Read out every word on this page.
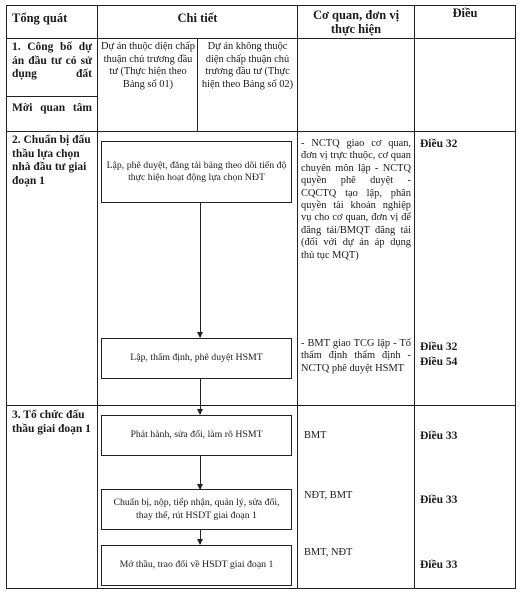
Tổng quát	Chi tiết	Cơ quan, đơn vị thực hiện
Điều
1. Công bố dự án đầu tư có sử dụng đất
Mời quan tâm
Dự án thuộc diện chấp thuận chủ trương đầu tư (Thực hiện theo Bảng số 01)
Dự án không thuộc diện chấp thuận chủ trương đầu tư (Thực hiện theo Bảng số 02)
2. Chuẩn bị đấu thầu lựa chọn nhà đầu tư giai đoạn 1
Lập, phê duyệt, đăng tải bảng theo dõi tiến độ thực hiện hoạt động lựa chọn NĐT
Lập, thẩm định, phê duyệt HSMT
- NCTQ giao cơ quan, đơn vị trực thuộc, cơ quan chuyên môn lập - NCTQ quyền phê duyệt - CQCTQ tạo lập, phân quyền tài khoản nghiệp vụ cho cơ quan, đơn vị để đăng tải/BMQT đăng tải (đối với dự án áp dụng thủ tục MQT)
- BMT giao TCG lập - Tổ thẩm định thẩm định - NCTQ phê duyệt HSMT
Điều 32
Điều 32
Điều 54
3. Tổ chức đấu thầu giai đoạn 1
Phát hành, sửa đổi, làm rõ HSMT
Chuẩn bị, nộp, tiếp nhận, quản lý, sửa đổi, thay thế, rút HSDT giai đoạn 1
Mở thầu, trao đổi về HSDT giai đoạn 1
BMT
NĐT, BMT
BMT, NĐT
Điều 33
Điều 33
Điều 33
